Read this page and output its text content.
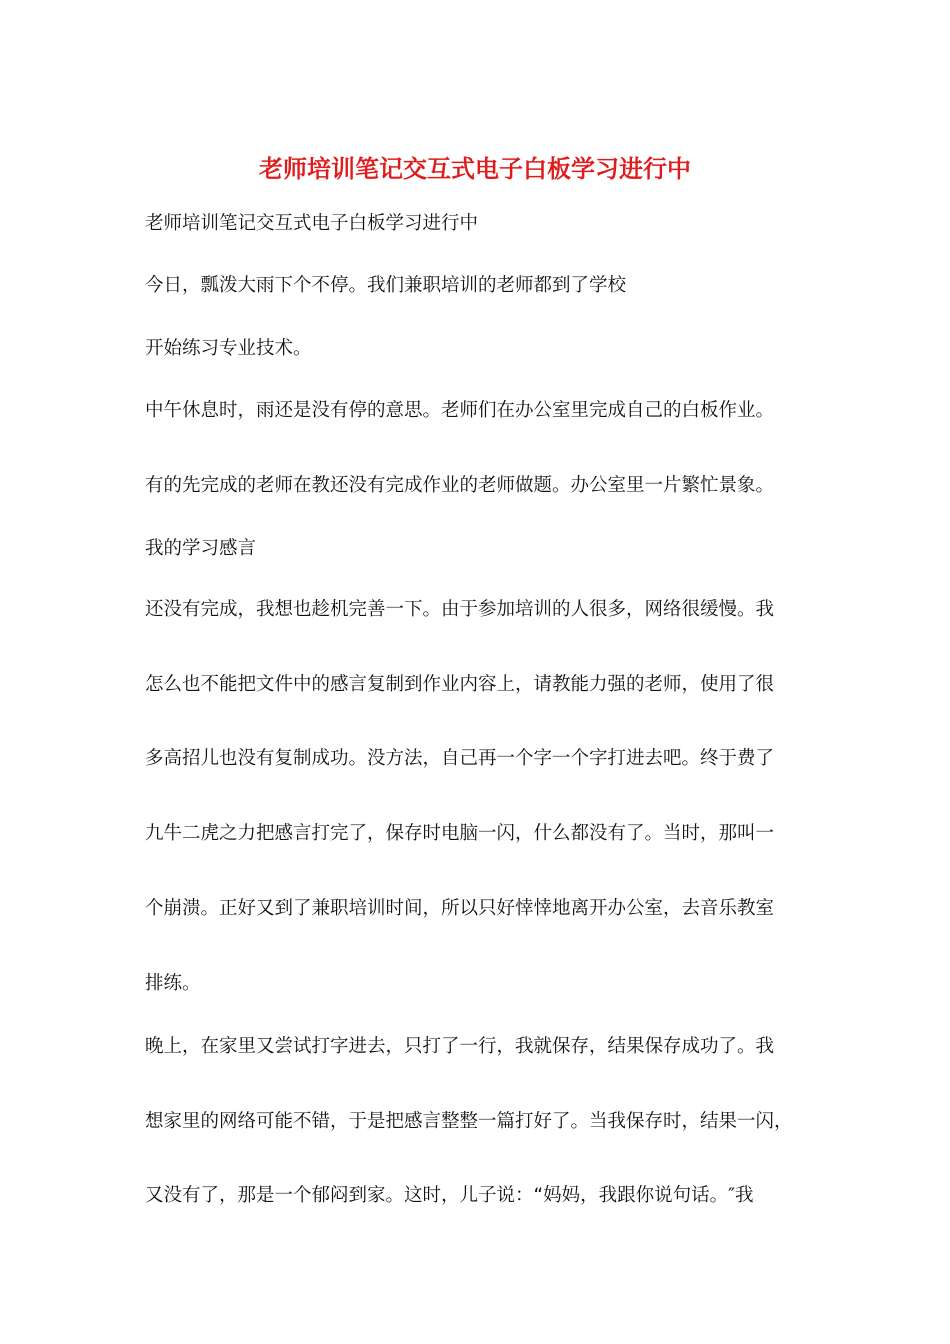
老师培训笔记交互式电子白板学习进行中

老师培训笔记交互式电子白板学习进行中

今日，瓢泼大雨下个不停。我们兼职培训的老师都到了学校

开始练习专业技术。

中午休息时，雨还是没有停的意思。老师们在办公室里完成自己的白板作业。

有的先完成的老师在教还没有完成作业的老师做题。办公室里一片繁忙景象。

我的学习感言

还没有完成，我想也趁机完善一下。由于参加培训的人很多，网络很缓慢。我

怎么也不能把文件中的感言复制到作业内容上，请教能力强的老师，使用了很

多高招儿也没有复制成功。没方法，自己再一个字一个字打进去吧。终于费了

九牛二虎之力把感言打完了，保存时电脑一闪，什么都没有了。当时，那叫一

个崩溃。正好又到了兼职培训时间，所以只好悻悻地离开办公室，去音乐教室

排练。

晚上，在家里又尝试打字进去，只打了一行，我就保存，结果保存成功了。我

想家里的网络可能不错，于是把感言整整一篇打好了。当我保存时，结果一闪，

又没有了，那是一个郁闷到家。这时，儿子说：“妈妈，我跟你说句话。″我
